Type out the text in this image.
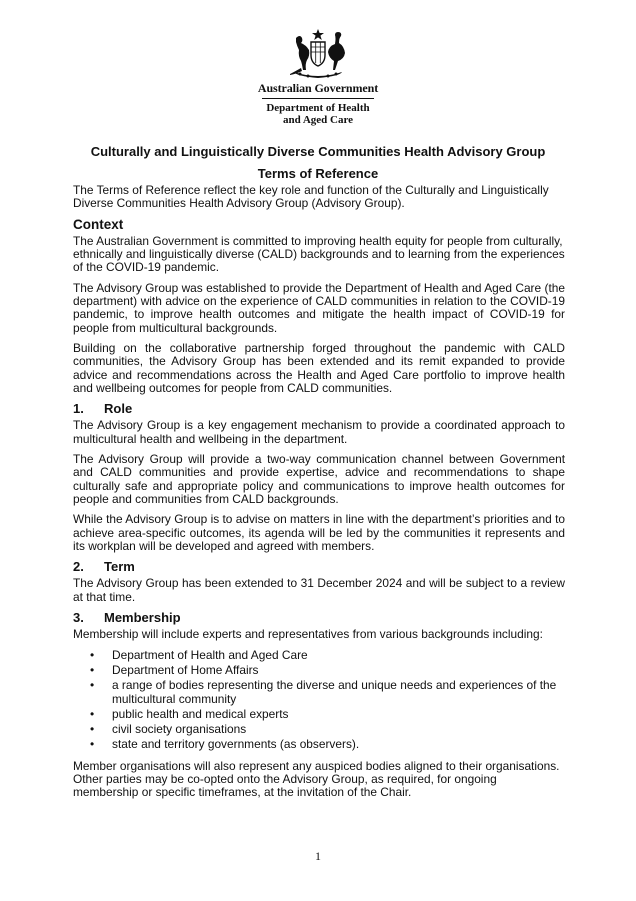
Australian Government
Department of Health
and Aged Care
Culturally and Linguistically Diverse Communities Health Advisory Group
Terms of Reference

The Terms of Reference reflect the key role and function of the Culturally and Linguistically Diverse Communities Health Advisory Group (Advisory Group).

Context

The Australian Government is committed to improving health equity for people from culturally, ethnically and linguistically diverse (CALD) backgrounds and to learning from the experiences of the COVID-19 pandemic.

The Advisory Group was established to provide the Department of Health and Aged Care (the department) with advice on the experience of CALD communities in relation to the COVID-19 pandemic, to improve health outcomes and mitigate the health impact of COVID-19 for people from multicultural backgrounds.

Building on the collaborative partnership forged throughout the pandemic with CALD communities, the Advisory Group has been extended and its remit expanded to provide advice and recommendations across the Health and Aged Care portfolio to improve health and wellbeing outcomes for people from CALD communities.

1. Role

The Advisory Group is a key engagement mechanism to provide a coordinated approach to multicultural health and wellbeing in the department.

The Advisory Group will provide a two-way communication channel between Government and CALD communities and provide expertise, advice and recommendations to shape culturally safe and appropriate policy and communications to improve health outcomes for people and communities from CALD backgrounds.

While the Advisory Group is to advise on matters in line with the department’s priorities and to achieve area-specific outcomes, its agenda will be led by the communities it represents and its workplan will be developed and agreed with members.

2. Term

The Advisory Group has been extended to 31 December 2024 and will be subject to a review at that time.

3. Membership

Membership will include experts and representatives from various backgrounds including:

• Department of Health and Aged Care
• Department of Home Affairs
• a range of bodies representing the diverse and unique needs and experiences of the multicultural community
• public health and medical experts
• civil society organisations
• state and territory governments (as observers).

Member organisations will also represent any auspiced bodies aligned to their organisations. Other parties may be co-opted onto the Advisory Group, as required, for ongoing membership or specific timeframes, at the invitation of the Chair.

1
